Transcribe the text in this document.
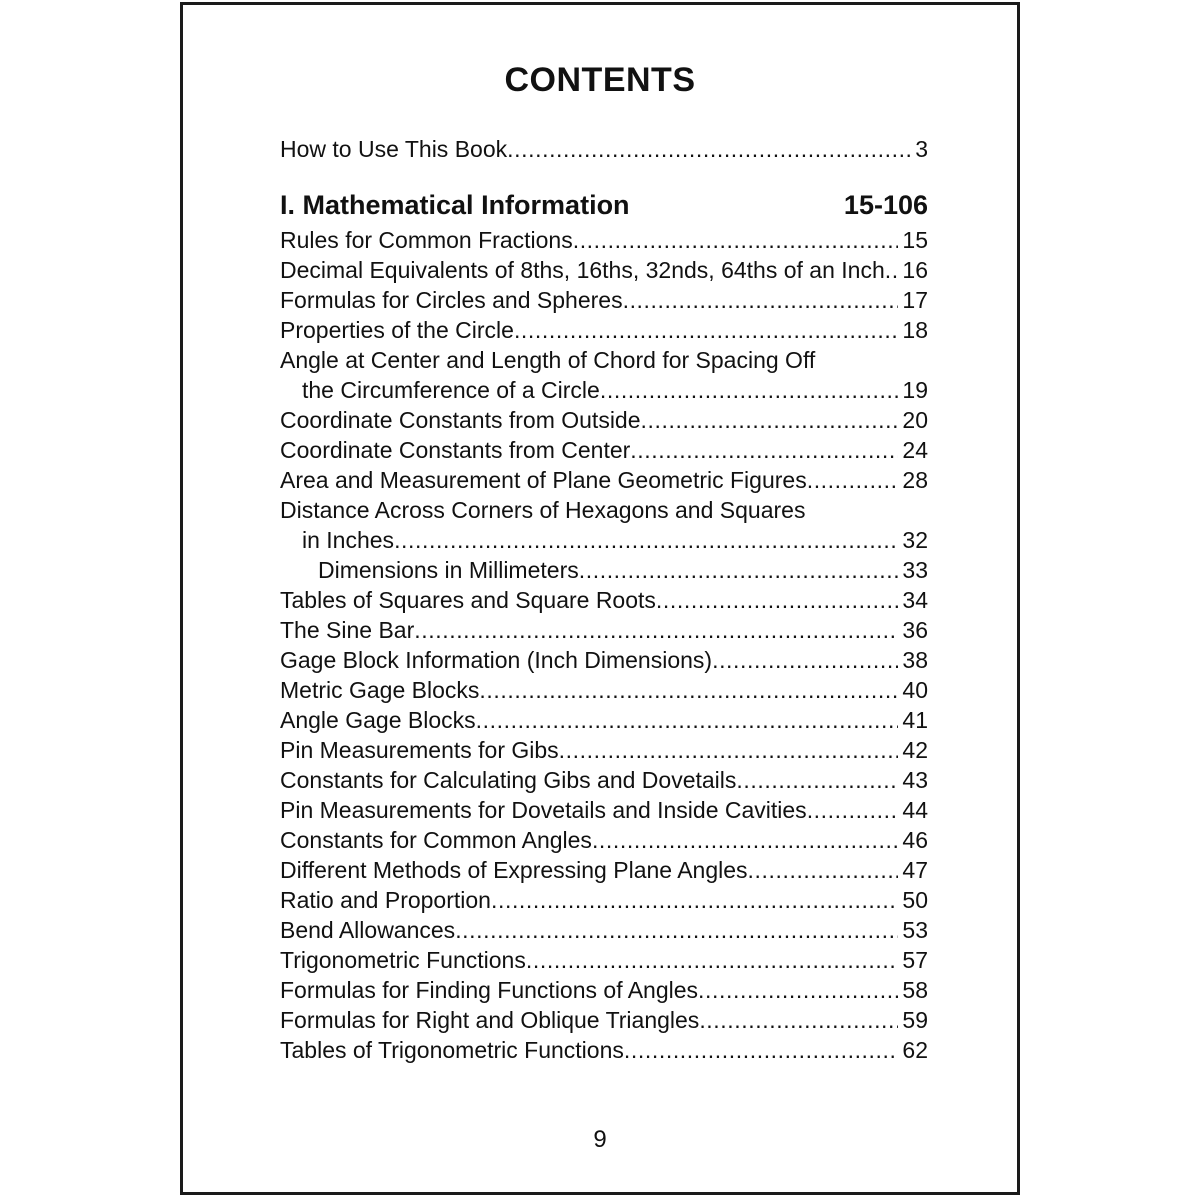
CONTENTS
How to Use This Book .....	3
I. Mathematical Information	15-106
Rules for Common Fractions .....	15
Decimal Equivalents of 8ths, 16ths, 32nds, 64ths of an Inch ..... 16
Formulas for Circles and Spheres .....	17
Properties of the Circle .....	18
Angle at Center and Length of Chord for Spacing Off
the Circumference of a Circle .....	19
Coordinate Constants from Outside .....	20
Coordinate Constants from Center .....	24
Area and Measurement of Plane Geometric Figures .....	28
Distance Across Corners of Hexagons and Squares
in Inches .....	32
Dimensions in Millimeters .....	33
Tables of Squares and Square Roots .....	34
The Sine Bar .....	36
Gage Block Information (Inch Dimensions) .....	38
Metric Gage Blocks .....	40
Angle Gage Blocks .....	41
Pin Measurements for Gibs .....	42
Constants for Calculating Gibs and Dovetails .....	43
Pin Measurements for Dovetails and Inside Cavities .....	44
Constants for Common Angles .....	46
Different Methods of Expressing Plane Angles .....	47
Ratio and Proportion .....	50
Bend Allowances .....	53
Trigonometric Functions .....	57
Formulas for Finding Functions of Angles .....	58
Formulas for Right and Oblique Triangles .....	59
Tables of Trigonometric Functions .....	62
9
